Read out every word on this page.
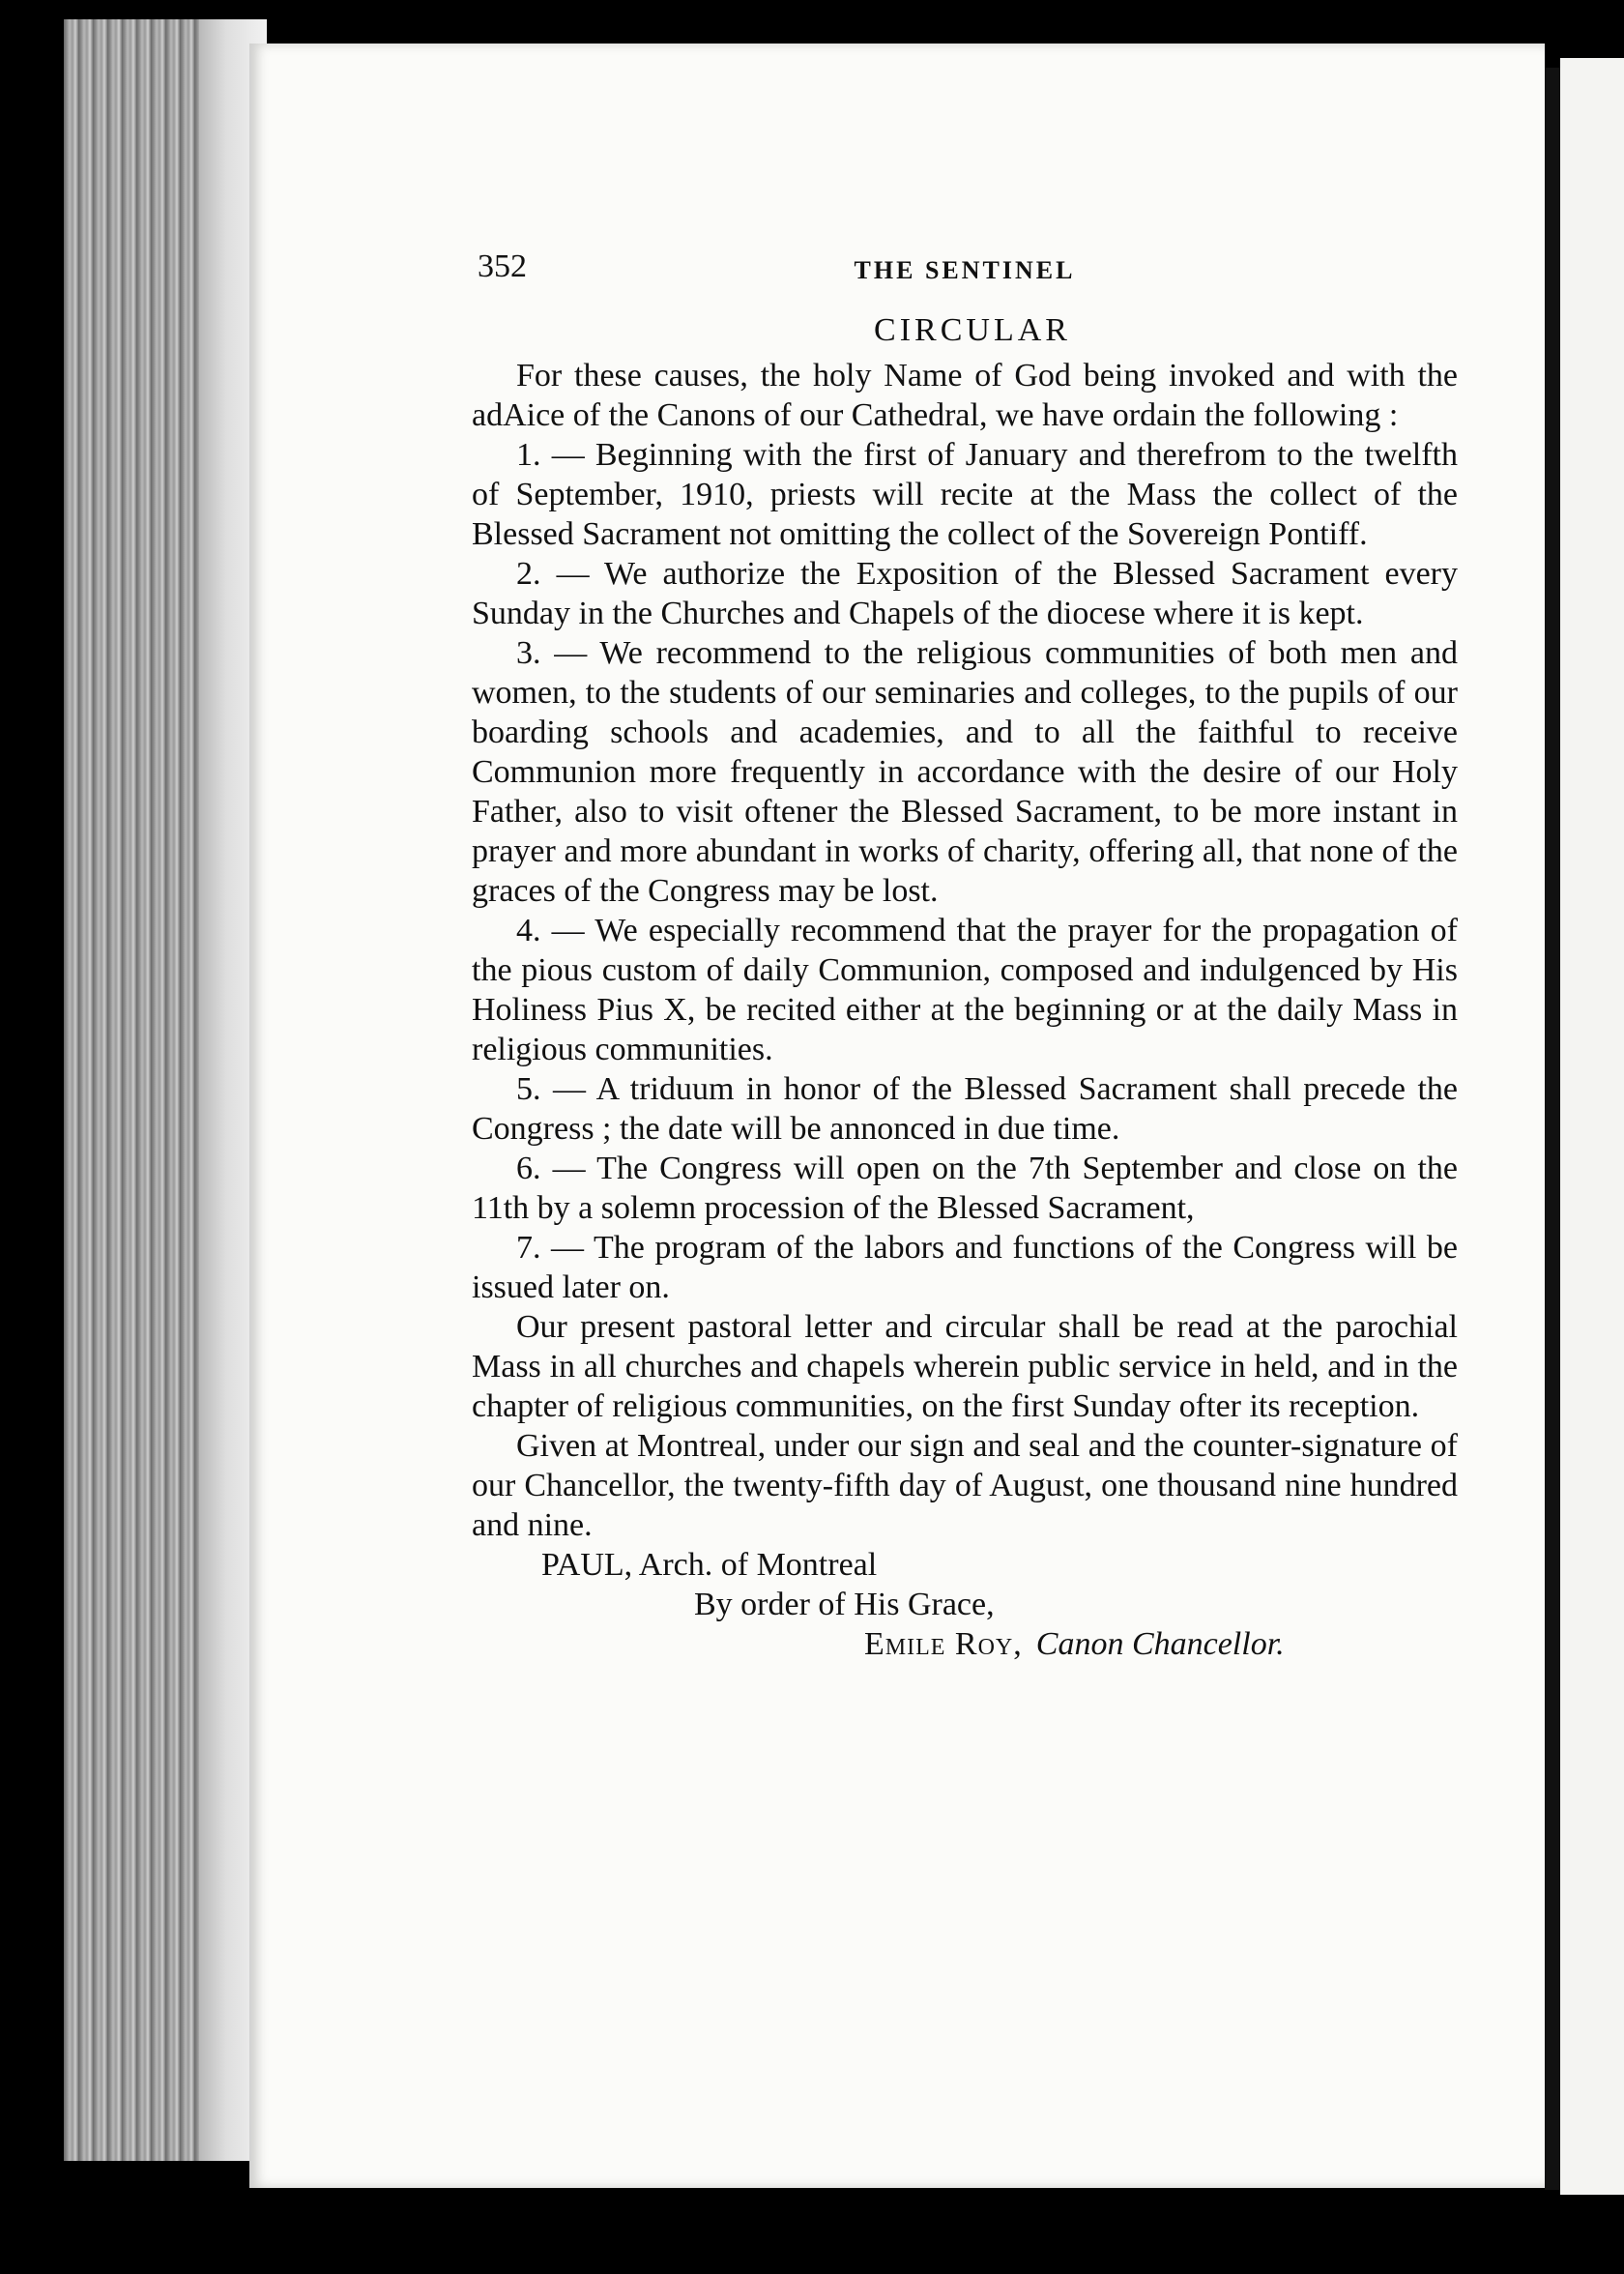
352	THE SENTINEL
CIRCULAR

For these causes, the holy Name of God being invoked and with the adAice of the Canons of our Cathedral, we have ordain the following :

1. — Beginning with the first of January and therefrom to the twelfth of September, 1910, priests will recite at the Mass the collect of the Blessed Sacrament not omitting the collect of the Sovereign Pontiff.

2. — We authorize the Exposition of the Blessed Sacrament every Sunday in the Churches and Chapels of the diocese where it is kept.

3. — We recommend to the religious communities of both men and women, to the students of our seminaries and colleges, to the pupils of our boarding schools and academies, and to all the faithful to receive Communion more frequently in accordance with the desire of our Holy Father, also to visit oftener the Blessed Sacrament, to be more instant in prayer and more abundant in works of charity, offering all, that none of the graces of the Congress may be lost.

4. — We especially recommend that the prayer for the propagation of the pious custom of daily Communion, composed and indulgenced by His Holiness Pius X, be recited either at the beginning or at the daily Mass in religious communities.

5. — A triduum in honor of the Blessed Sacrament shall precede the Congress ; the date will be annonced in due time.

6. — The Congress will open on the 7th September and close on the 11th by a solemn procession of the Blessed Sacrament,

7. — The program of the labors and functions of the Congress will be issued later on.

Our present pastoral letter and circular shall be read at the parochial Mass in all churches and chapels wherein public service in held, and in the chapter of religious communities, on the first Sunday ofter its reception.

Given at Montreal, under our sign and seal and the counter-signature of our Chancellor, the twenty-fifth day of August, one thousand nine hundred and nine.

PAUL, Arch. of Montreal
By order of His Grace,
Emile Roy, Canon Chancellor.
